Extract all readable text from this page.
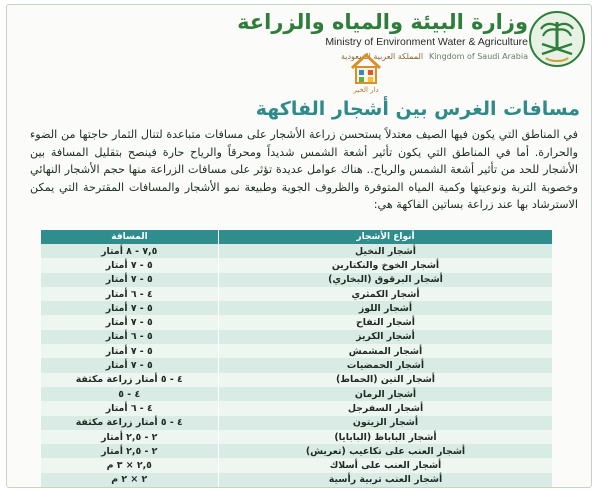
وزارة البيئة والمياه والزراعة
Ministry of Environment Water & Agriculture
المملكة العربية السعودية Kingdom of Saudi Arabia
دار الخير
مسافات الغرس بين أشجار الفاكهة
في المناطق التي يكون فيها الصيف معتدلاً يستحسن زراعة الأشجار على مسافات متباعدة لتنال الثمار حاجتها من الضوء والحرارة. أما في المناطق التي يكون تأثير أشعة الشمس شديداً ومحرقاً والرياح حارة فينصح بتقليل المسافة بين الأشجار للحد من تأثير أشعة الشمس والرياح.. هناك عوامل عديدة تؤثر على مسافات الزراعة منها حجم الأشجار النهائي وخصوبة التربة ونوعيتها وكمية المياه المتوفرة والظروف الجوية وطبيعة نمو الأشجار والمسافات المقترحة التي يمكن الاسترشاد بها عند زراعة بساتين الفاكهة هي:
أنواع الأشجار	المسافة
أشجار النخيل	٧,٥ - ٨ أمتار
أشجار الخوخ والنكتارين	٥ - ٧ أمتار
أشجار البرقوق (البخاري)	٥ - ٧ أمتار
أشجار الكمثري	٤ - ٦ أمتار
أشجار اللوز	٥ - ٧ أمتار
أشجار التفاح	٥ - ٧ أمتار
أشجار الكريز	٥ - ٦ أمتار
أشجار المشمش	٥ - ٧ أمتار
أشجار الحمضيات	٥ - ٧ أمتار
أشجار التين (الحماط)	٤ - ٥ أمتار زراعة مكثفة
أشجار الرمان	٤ - ٥
أشجار السفرجل	٤ - ٦ أمتار
أشجار الزيتون	٤ - ٥ أمتار زراعة مكثفة
أشجار الباباظ (البابايا)	٢ - ٢,٥ أمتار
أشجار العنب على تكاعيب (تعريش)	٢ - ٢,٥ أمتار
أشجار العنب على أسلاك	٢,٥ × ٣ م
أشجار العنب تربية رأسية	٢ × ٢ م
